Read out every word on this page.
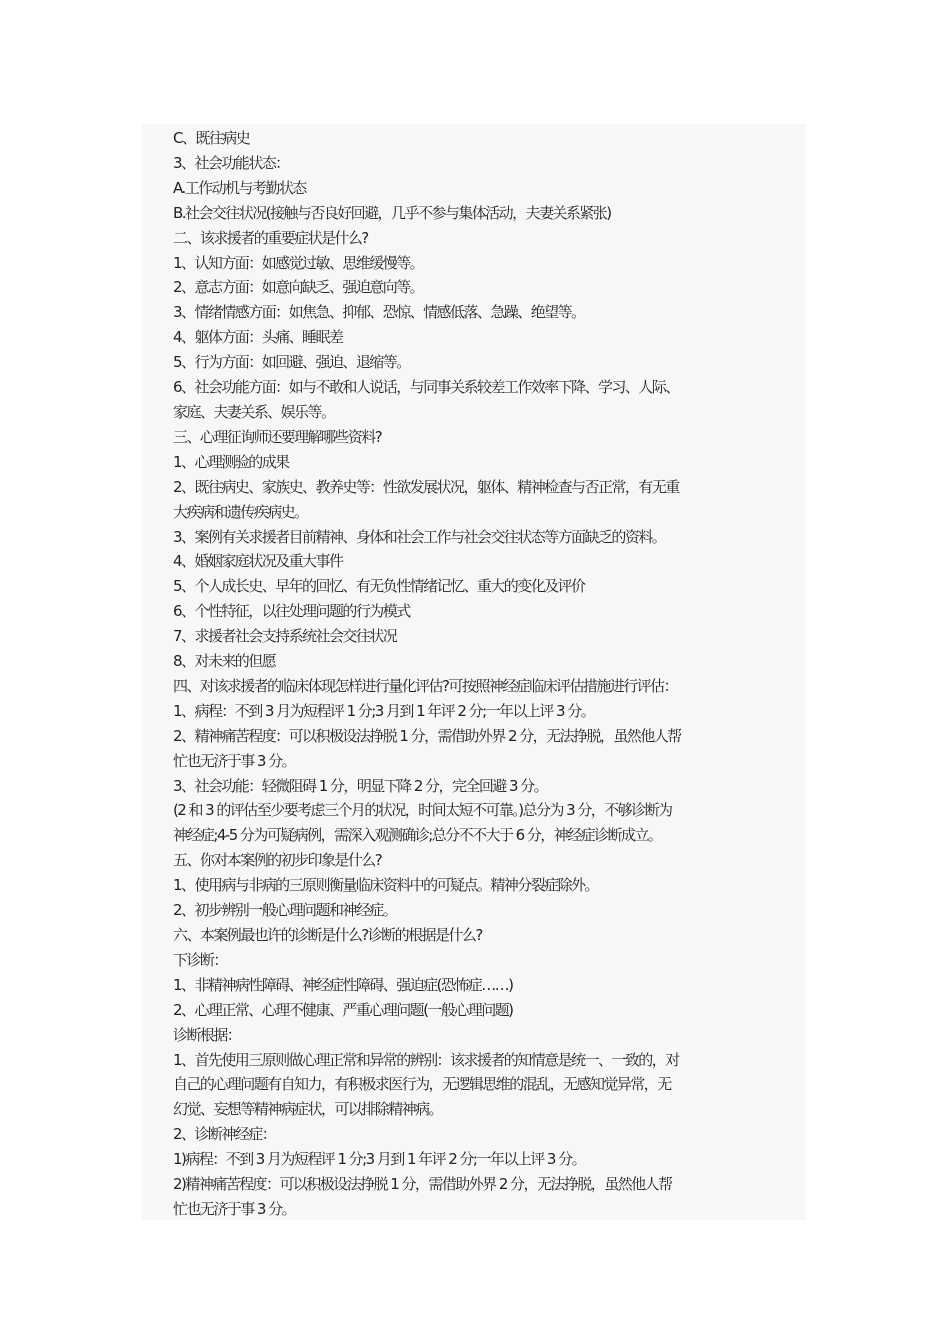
C、既往病史
3、社会功能状态：
A.工作动机与考勤状态
B.社会交往状况(接触与否良好回避，几乎不参与集体活动，夫妻关系紧张)
二、该求援者的重要症状是什么?
1、认知方面：如感觉过敏、思维缓慢等。
2、意志方面：如意向缺乏、强迫意向等。
3、情绪情感方面：如焦急、抑郁、恐惊、情感低落、急躁、绝望等。
4、躯体方面：头痛、睡眠差
5、行为方面：如回避、强迫、退缩等。
6、社会功能方面：如与不敢和人说话，与同事关系较差工作效率下降、学习、人际、
家庭、夫妻关系、娱乐等。
三、心理征询师还要理解哪些资料?
1、心理测验的成果
2、既往病史、家族史、教养史等：性欲发展状况，躯体、精神检查与否正常，有无重
大疾病和遗传疾病史。
3、案例有关求援者目前精神、身体和社会工作与社会交往状态等方面缺乏的资料。
4、婚姻家庭状况及重大事件
5、个人成长史、早年的回忆、有无负性情绪记忆、重大的变化及评价
6、个性特征，以往处理问题的行为模式
7、求援者社会支持系统社会交往状况
8、对未来的但愿
四、对该求援者的临床体现怎样进行量化评估?可按照神经症临床评估措施进行评估：
1、病程：不到 3 月为短程评 1 分;3 月到 1 年评 2 分;一年以上评 3 分。
2、精神痛苦程度：可以积极设法挣脱 1 分，需借助外界 2 分，无法挣脱，虽然他人帮
忙也无济于事 3 分。
3、社会功能：轻微阻碍 1 分，明显下降 2 分，完全回避 3 分。
(2 和 3 的评估至少要考虑三个月的状况，时间太短不可靠。)总分为 3 分，不够诊断为
神经症;4-5 分为可疑病例，需深入观测确诊;总分不不大于 6 分，神经症诊断成立。
五、你对本案例的初步印象是什么?
1、使用病与非病的三原则衡量临床资料中的可疑点。精神分裂症除外。
2、初步辨别一般心理问题和神经症。
六、本案例最也许的诊断是什么?诊断的根据是什么?
下诊断：
1、非精神病性障碍、神经症性障碍、强迫症(恐怖症……)
2、心理正常、心理不健康、严重心理问题(一般心理问题)
诊断根据：
1、首先使用三原则做心理正常和异常的辨别：该求援者的知情意是统一、一致的，对
自己的心理问题有自知力，有积极求医行为，无逻辑思维的混乱，无感知觉异常，无
幻觉、妄想等精神病症状，可以排除精神病。
2、诊断神经症：
1)病程：不到 3 月为短程评 1 分;3 月到 1 年评 2 分;一年以上评 3 分。
2)精神痛苦程度：可以积极设法挣脱 1 分，需借助外界 2 分，无法挣脱，虽然他人帮
忙也无济于事 3 分。
